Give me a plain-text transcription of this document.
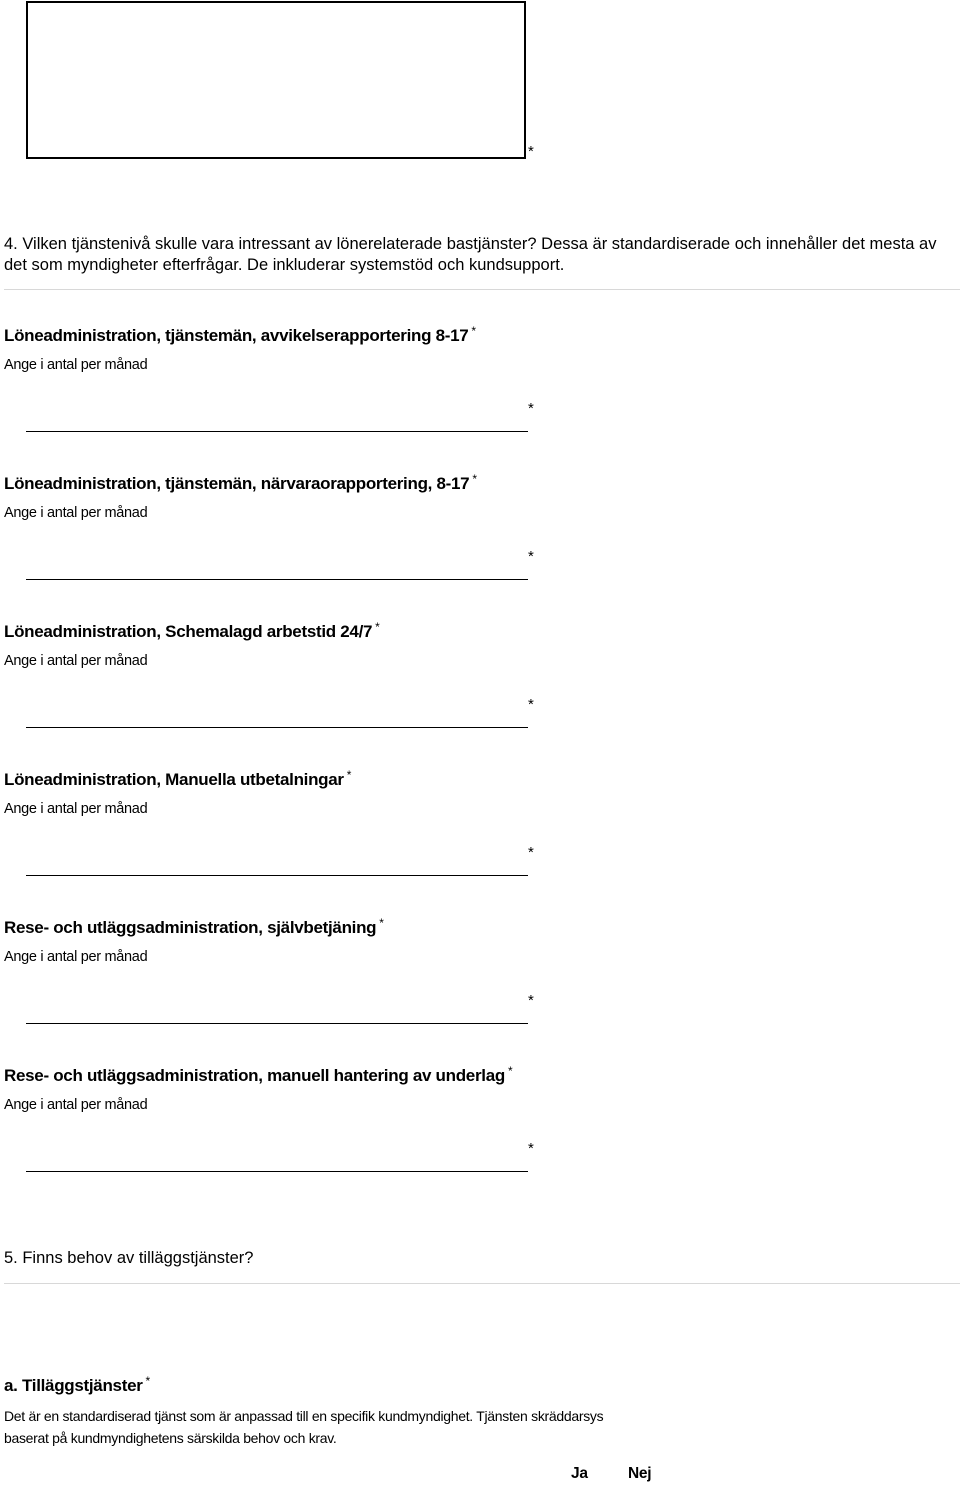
*
4. Vilken tjänstenivå skulle vara intressant av lönerelaterade bastjänster? Dessa är standardiserade och innehåller det mesta av det som myndigheter efterfrågar. De inkluderar systemstöd och kundsupport.
Löneadministration, tjänstemän, avvikelserapportering 8-17 *
Ange i antal per månad
*
Löneadministration, tjänstemän, närvaraorapportering, 8-17 *
Ange i antal per månad
*
Löneadministration, Schemalagd arbetstid 24/7 *
Ange i antal per månad
*
Löneadministration, Manuella utbetalningar *
Ange i antal per månad
*
Rese- och utläggsadministration, självbetjäning *
Ange i antal per månad
*
Rese- och utläggsadministration, manuell hantering av underlag *
Ange i antal per månad
*
5. Finns behov av tilläggstjänster?
a. Tilläggstjänster *
Det är en standardiserad tjänst som är anpassad till en specifik kundmyndighet. Tjänsten skräddarsys
baserat på kundmyndighetens särskilda behov och krav.
Ja	Nej
